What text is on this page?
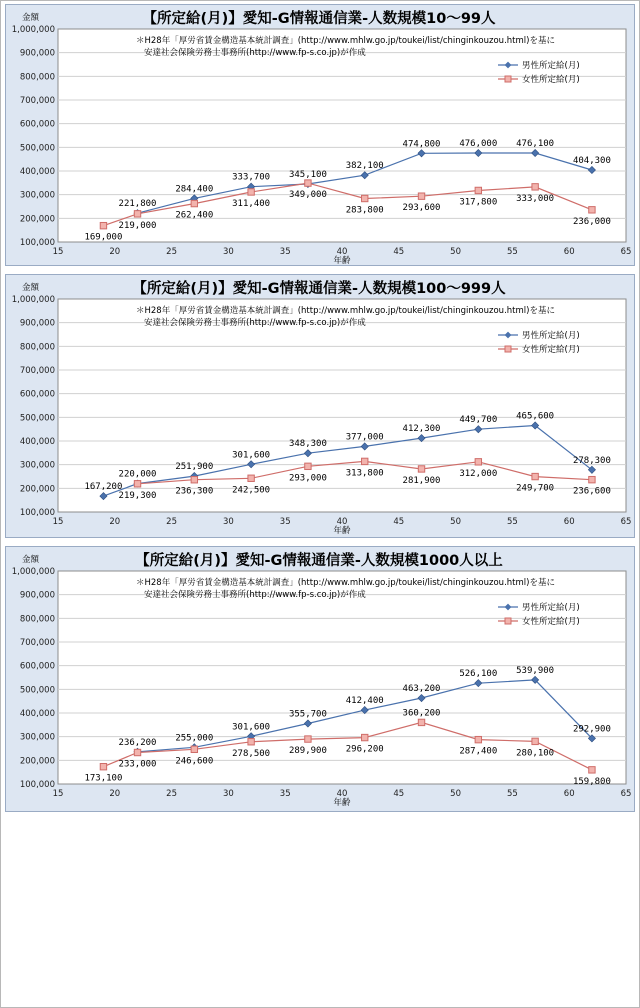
100,000
200,000
300,000
400,000
500,000
600,000
700,000
800,000
900,000
1,000,000
15	20	25	30	35	40	45	50	55	60	65
金額
年齢
【所定給(月)】愛知-G情報通信業-人数規模10～99人
＊H28年「厚労省賃金構造基本統計調査」(http://www.mhlw.go.jp/toukei/list/chinginkouzou.html)を基に
安達社会保険労務士事務所(http://www.fp-s.co.jp)が作成
221,800
284,400
333,700 345,100
382,100
474,800 476,000 476,100
404,300
男性所定給(月)
169,000
219,000
262,400
311,400
349,000
283,800 293,600
317,800 333,000
236,000
女性所定給(月)
100,000
200,000
300,000
400,000
500,000
600,000
700,000
800,000
900,000
1,000,000
15	20	25	30	35	40	45	50	55	60	65
金額
年齢
【所定給(月)】愛知-G情報通信業-人数規模100～999人
＊H28年「厚労省賃金構造基本統計調査」(http://www.mhlw.go.jp/toukei/list/chinginkouzou.html)を基に
安達社会保険労務士事務所(http://www.fp-s.co.jp)が作成
167,200
220,000
251,900
301,600
348,300
377,000
412,300
449,700 465,600
278,300
男性所定給(月)
219,300 236,300 242,500
293,000 313,800
281,900
312,000
249,700 236,600
女性所定給(月)
100,000
200,000
300,000
400,000
500,000
600,000
700,000
800,000
900,000
1,000,000
15	20	25	30	35	40	45	50	55	60	65
金額
年齢
【所定給(月)】愛知-G情報通信業-人数規模1000人以上
＊H28年「厚労省賃金構造基本統計調査」(http://www.mhlw.go.jp/toukei/list/chinginkouzou.html)を基に
安達社会保険労務士事務所(http://www.fp-s.co.jp)が作成
236,200 255,000
301,600
355,700
412,400
463,200
526,100 539,900
292,900
男性所定給(月)
173,100
233,000 246,600
278,500 289,900 296,200
360,200
287,400 280,100
159,800
女性所定給(月)
